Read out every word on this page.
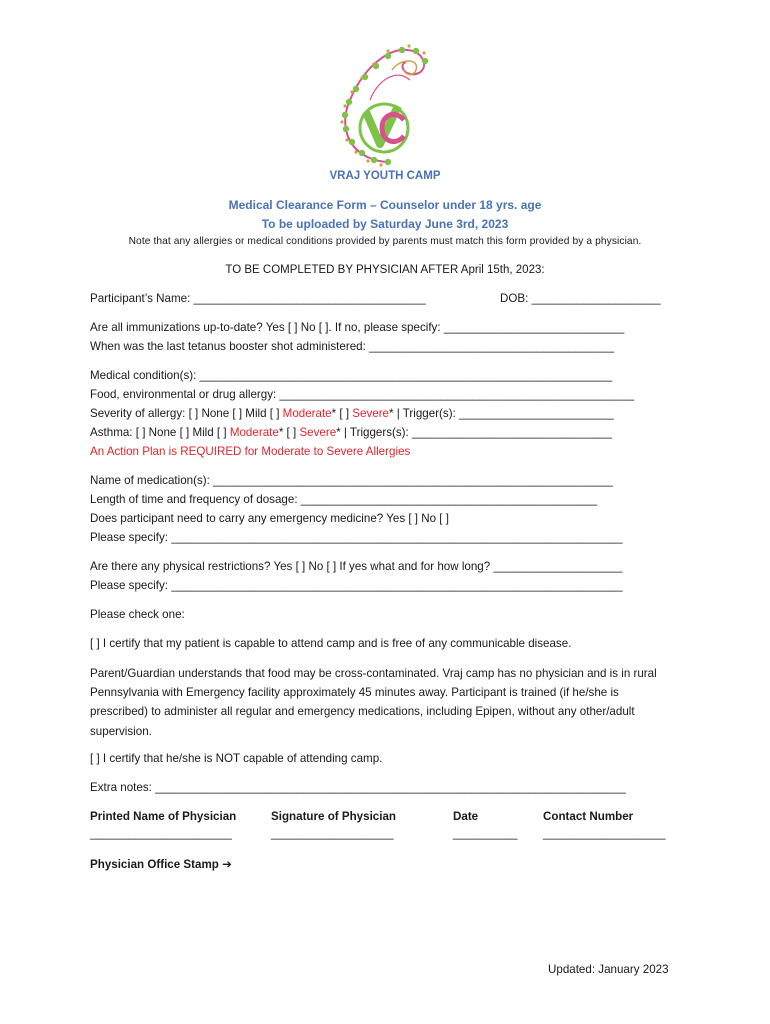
VRAJ YOUTH CAMP
Medical Clearance Form – Counselor under 18 yrs. age
To be uploaded by Saturday June 3rd, 2023
Note that any allergies or medical conditions provided by parents must match this form provided by a physician.
TO BE COMPLETED BY PHYSICIAN AFTER April 15th, 2023:
Participant’s Name: ____________________________________	DOB: ____________________
Are all immunizations up-to-date? Yes [ ] No [ ]. If no, please specify: ____________________________
When was the last tetanus booster shot administered: ______________________________________
Medical condition(s): ________________________________________________________________
Food, environmental or drug allergy: _______________________________________________________
Severity of allergy: [ ] None [ ] Mild [ ] Moderate* [ ] Severe* | Trigger(s): ________________________
Asthma: [ ] None [ ] Mild [ ] Moderate* [ ] Severe* | Triggers(s): _______________________________
An Action Plan is REQUIRED for Moderate to Severe Allergies
Name of medication(s): ______________________________________________________________
Length of time and frequency of dosage: ______________________________________________
Does participant need to carry any emergency medicine? Yes [ ] No [ ]
Please specify: ______________________________________________________________________
Are there any physical restrictions? Yes [ ] No [ ] If yes what and for how long? ____________________
Please specify: ______________________________________________________________________
Please check one:
[ ] I certify that my patient is capable to attend camp and is free of any communicable disease.
Parent/Guardian understands that food may be cross-contaminated. Vraj camp has no physician and is in rural Pennsylvania with Emergency facility approximately 45 minutes away. Participant is trained (if he/she is prescribed) to administer all regular and emergency medications, including Epipen, without any other/adult supervision.
[ ] I certify that he/she is NOT capable of attending camp.
Extra notes: _________________________________________________________________________
Printed Name of Physician	Signature of Physician	Date	Contact Number
______________________	___________________	__________ ___________________
Physician Office Stamp ➔
Updated: January 2023
